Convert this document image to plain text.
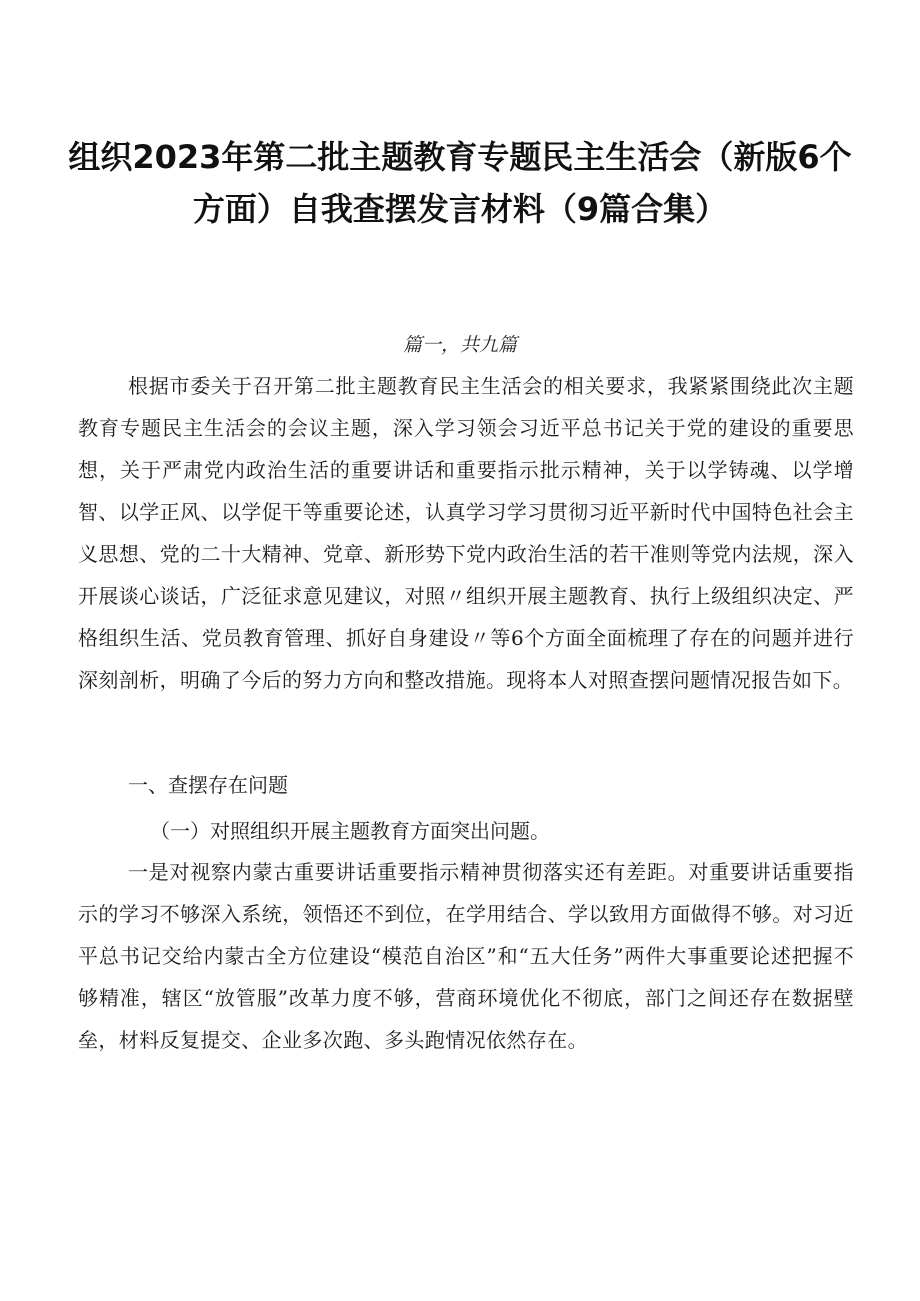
组织2023年第二批主题教育专题民主生活会（新版6个
方面）自我查摆发言材料（9篇合集）
篇一，共九篇

根据市委关于召开第二批主题教育民主生活会的相关要求，我紧紧围绕此次主题教育专题民主生活会的会议主题，深入学习领会习近平总书记关于党的建设的重要思想，关于严肃党内政治生活的重要讲话和重要指示批示精神，关于以学铸魂、以学增智、以学正风、以学促干等重要论述，认真学习学习贯彻习近平新时代中国特色社会主义思想、党的二十大精神、党章、新形势下党内政治生活的若干准则等党内法规，深入开展谈心谈话，广泛征求意见建议，对照〃组织开展主题教育、执行上级组织决定、严格组织生活、党员教育管理、抓好自身建设〃等6个方面全面梳理了存在的问题并进行深刻剖析，明确了今后的努力方向和整改措施。现将本人对照查摆问题情况报告如下。

一、查摆存在问题

（一）对照组织开展主题教育方面突出问题。

一是对视察内蒙古重要讲话重要指示精神贯彻落实还有差距。对重要讲话重要指示的学习不够深入系统，领悟还不到位，在学用结合、学以致用方面做得不够。对习近平总书记交给内蒙古全方位建设“模范自治区”和“五大任务”两件大事重要论述把握不够精准，辖区“放管服”改革力度不够，营商环境优化不彻底，部门之间还存在数据壁垒，材料反复提交、企业多次跑、多头跑情况依然存在。
